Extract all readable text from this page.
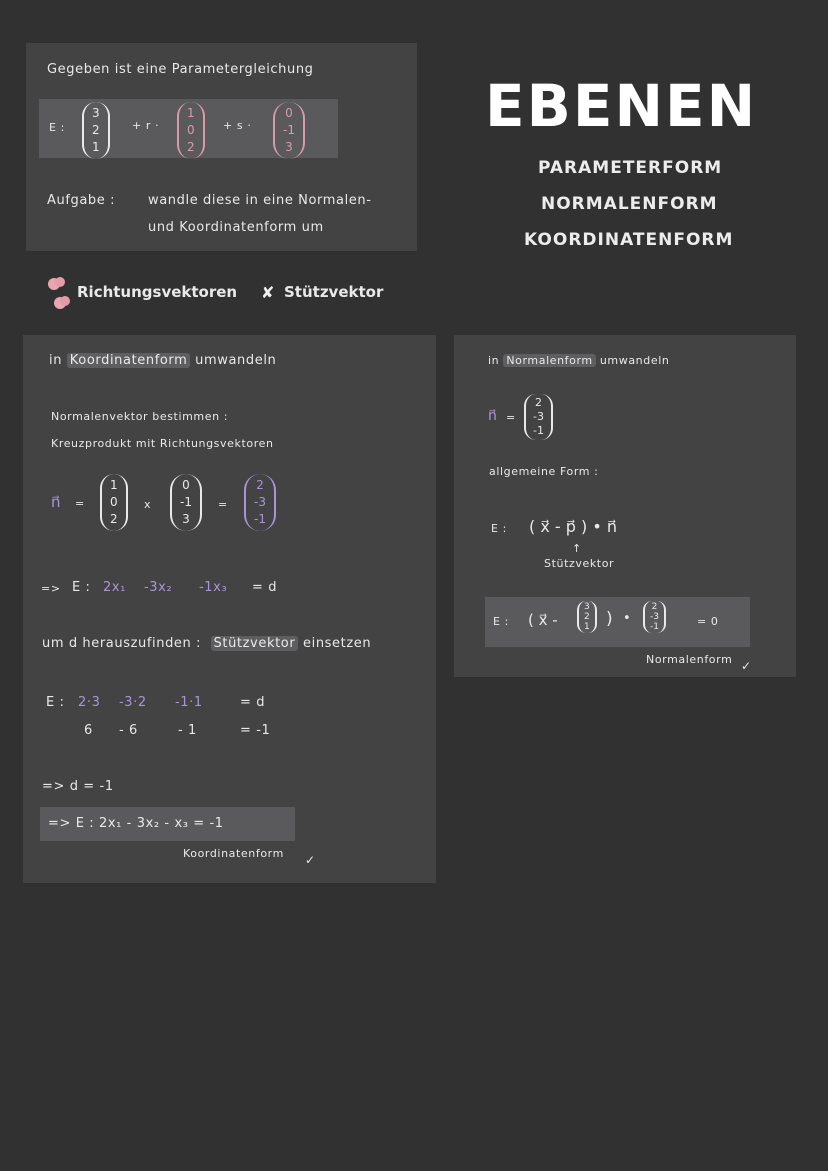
Gegeben ist eine Parametergleichung
E :
3
2
1
+ r ·
1
0
2
+ s ·
0
-1
3
Aufgabe :	wandle diese in eine Normalen-
und Koordinatenform um
EBENEN
PARAMETERFORM
NORMALENFORM
KOORDINATENFORM
Richtungsvektoren ✘ Stützvektor
in Koordinatenform umwandeln
Normalenvektor bestimmen :
Kreuzprodukt mit Richtungsvektoren
n⃗ =
1
0
2
x
0
-1
3
=
2
-3
-1
=> E : 2x₁ -3x₂ -1x₃ = d
um d herauszufinden : Stützvektor einsetzen
E : 2·3 -3·2 -1·1	= d
6 - 6	- 1	= -1
=> d = -1
=> E : 2x₁ - 3x₂ - x₃ = -1
Koordinatenform ✓
in Normalenform umwandeln
n⃗ =
2
-3
-1
allgemeine Form :
E : ( x⃗ - p⃗ ) • n⃗
↑
Stützvektor
E : ( x⃗ -
3
2
1 ) •
2
-3
-1	= 0
Normalenform ✓
